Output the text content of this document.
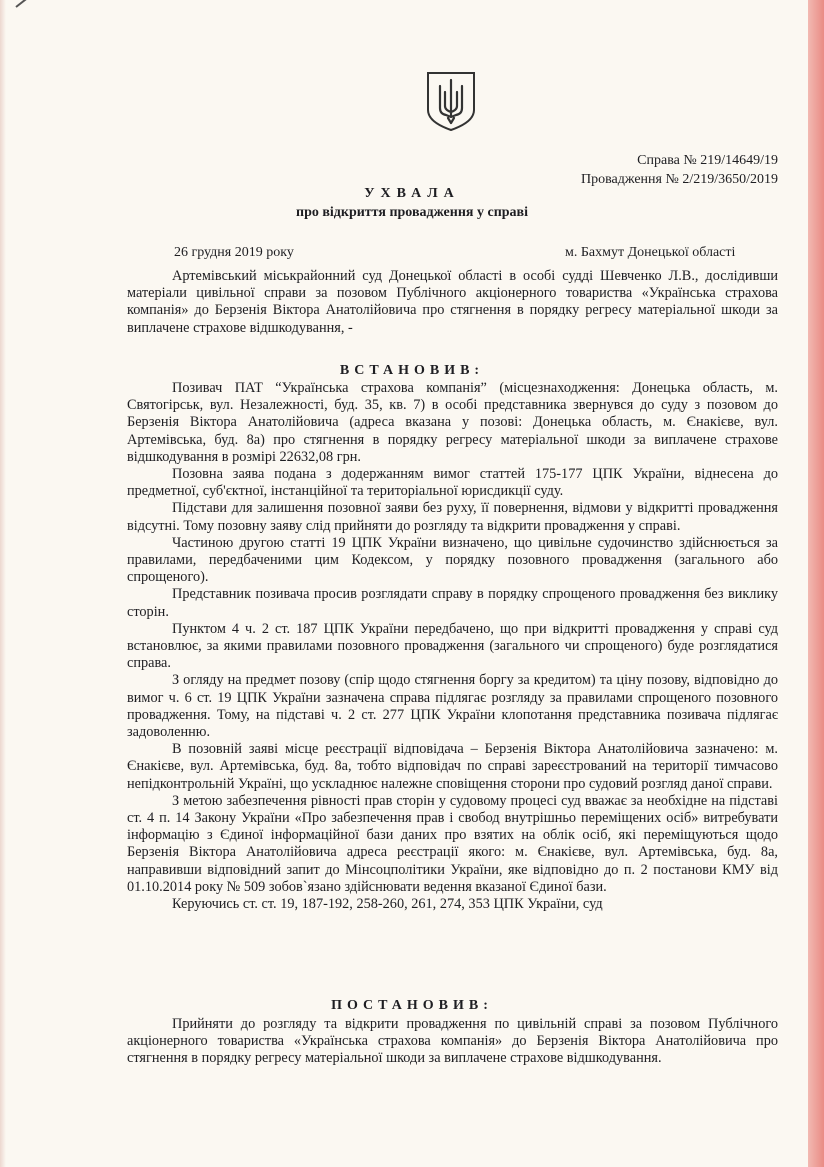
Справа № 219/14649/19
Провадження № 2/219/3650/2019
УХВАЛА
про відкриття провадження у справі
26 грудня 2019 року	м. Бахмут Донецької області

Артемівський міськрайонний суд Донецької області в особі судді Шевченко Л.В., дослідивши матеріали цивільної справи за позовом Публічного акціонерного товариства «Українська страхова компанія» до Берзенія Віктора Анатолійовича про стягнення в порядку регресу матеріальної шкоди за виплачене страхове відшкодування, -

ВСТАНОВИВ:

Позивач ПАТ “Українська страхова компанія” (місцезнаходження: Донецька область, м. Святогірськ, вул. Незалежності, буд. 35, кв. 7) в особі представника звернувся до суду з позовом до Берзенія Віктора Анатолійовича (адреса вказана у позові: Донецька область, м. Єнакієве, вул. Артемівська, буд. 8а) про стягнення в порядку регресу матеріальної шкоди за виплачене страхове відшкодування в розмірі 22632,08 грн.

Позовна заява подана з додержанням вимог статтей 175-177 ЦПК України, віднесена до предметної, суб'єктної, інстанційної та територіальної юрисдикції суду.

Підстави для залишення позовної заяви без руху, її повернення, відмови у відкритті провадження відсутні. Тому позовну заяву слід прийняти до розгляду та відкрити провадження у справі.

Частиною другою статті 19 ЦПК України визначено, що цивільне судочинство здійснюється за правилами, передбаченими цим Кодексом, у порядку позовного провадження (загального або спрощеного).

Представник позивача просив розглядати справу в порядку спрощеного провадження без виклику сторін.

Пунктом 4 ч. 2 ст. 187 ЦПК України передбачено, що при відкритті провадження у справі суд встановлює, за якими правилами позовного провадження (загального чи спрощеного) буде розглядатися справа.

З огляду на предмет позову (спір щодо стягнення боргу за кредитом) та ціну позову, відповідно до вимог ч. 6 ст. 19 ЦПК України зазначена справа підлягає розгляду за правилами спрощеного позовного провадження. Тому, на підставі ч. 2 ст. 277 ЦПК України клопотання представника позивача підлягає задоволенню.

В позовній заяві місце реєстрації відповідача – Берзенія Віктора Анатолійовича зазначено: м. Єнакієве, вул. Артемівська, буд. 8а, тобто відповідач по справі зареєстрований на території тимчасово непідконтрольній Україні, що ускладнює належне сповіщення сторони про судовий розгляд даної справи.

З метою забезпечення рівності прав сторін у судовому процесі суд вважає за необхідне на підставі ст. 4 п. 14 Закону України «Про забезпечення прав і свобод внутрішньо переміщених осіб» витребувати інформацію з Єдиної інформаційної бази даних про взятих на облік осіб, які переміщуються щодо Берзенія Віктора Анатолійовича адреса реєстрації якого: м. Єнакієве, вул. Артемівська, буд. 8а, направивши відповідний запит до Мінсоцполітики України, яке відповідно до п. 2 постанови КМУ від 01.10.2014 року № 509 зобов`язано здійснювати ведення вказаної Єдиної бази.

Керуючись ст. ст. 19, 187-192, 258-260, 261, 274, 353 ЦПК України, суд

ПОСТАНОВИВ:

Прийняти до розгляду та відкрити провадження по цивільній справі за позовом Публічного акціонерного товариства «Українська страхова компанія» до Берзенія Віктора Анатолійовича про стягнення в порядку регресу матеріальної шкоди за виплачене страхове відшкодування.
